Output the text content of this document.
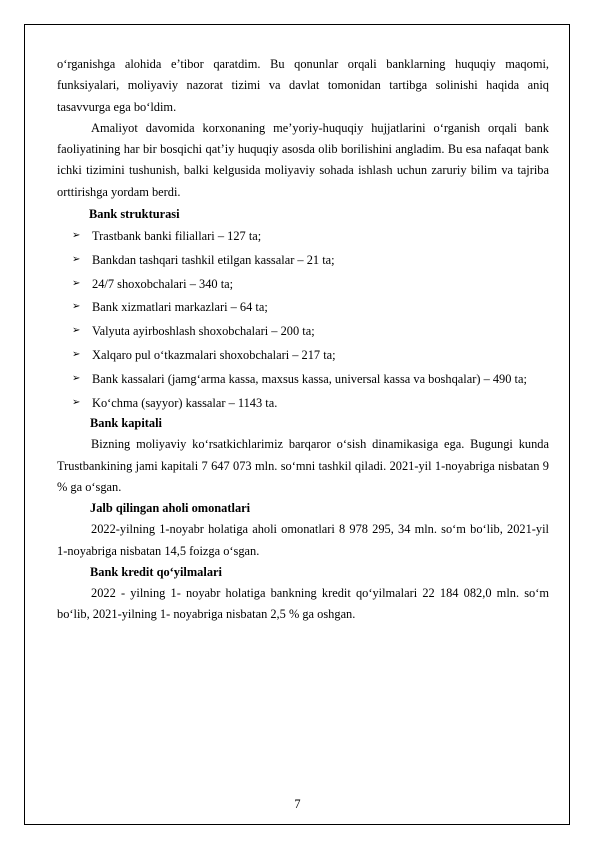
o‘rganishga alohida e’tibor qaratdim. Bu qonunlar orqali banklarning huquqiy maqomi, funksiyalari, moliyaviy nazorat tizimi va davlat tomonidan tartibga solinishi haqida aniq tasavvurga ega bo‘ldim.

Amaliyot davomida korxonaning me’yoriy-huquqiy hujjatlarini o‘rganish orqali bank faoliyatining har bir bosqichi qat’iy huquqiy asosda olib borilishini angladim. Bu esa nafaqat bank ichki tizimini tushunish, balki kelgusida moliyaviy sohada ishlash uchun zaruriy bilim va tajriba orttirishga yordam berdi.

Bank strukturasi

➢ Trastbank banki filiallari – 127 ta;
➢ Bankdan tashqari tashkil etilgan kassalar – 21 ta;
➢ 24/7 shoxobchalari – 340 ta;
➢ Bank xizmatlari markazlari – 64 ta;
➢ Valyuta ayirboshlash shoxobchalari – 200 ta;
➢ Xalqaro pul o‘tkazmalari shoxobchalari – 217 ta;
➢ Bank kassalari (jamg‘arma kassa, maxsus kassa, universal kassa va boshqalar) – 490 ta;
➢ Ko‘chma (sayyor) kassalar – 1143 ta.

Bank kapitali

Bizning moliyaviy ko‘rsatkichlarimiz barqaror o‘sish dinamikasiga ega. Bugungi kunda Trustbankining jami kapitali 7 647 073 mln. so‘mni tashkil qiladi. 2021-yil 1-noyabriga nisbatan 9 % ga o‘sgan.

Jalb qilingan aholi omonatlari

2022-yilning 1-noyabr holatiga aholi omonatlari 8 978 295, 34 mln. so‘m bo‘lib, 2021-yil 1-noyabriga nisbatan 14,5 foizga o‘sgan.

Bank kredit qo‘yilmalari

2022 - yilning 1- noyabr holatiga bankning kredit qo‘yilmalari 22 184 082,0 mln. so‘m bo‘lib, 2021-yilning 1- noyabriga nisbatan 2,5 % ga oshgan.

7
